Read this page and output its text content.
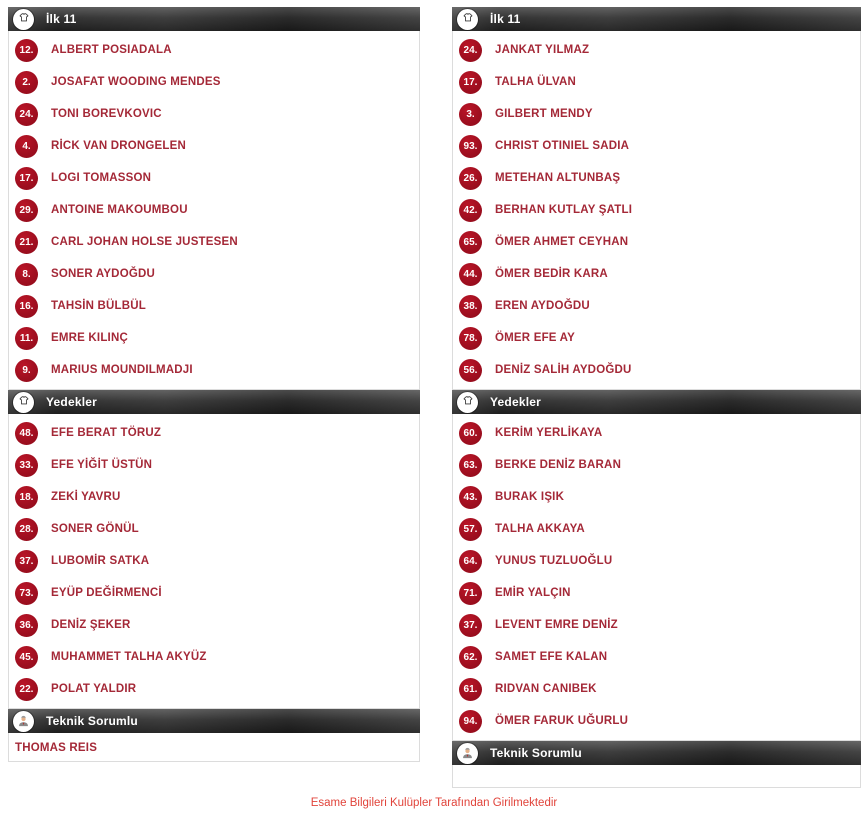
İlk 11
12.	ALBERT POSIADALA
2.	JOSAFAT WOODING MENDES
24.	TONI BOREVKOVIC
4.	RİCK VAN DRONGELEN
17.	LOGI TOMASSON
29.	ANTOINE MAKOUMBOU
21.	CARL JOHAN HOLSE JUSTESEN
8.	SONER AYDOĞDU
16.	TAHSİN BÜLBÜL
11.	EMRE KILINÇ
9.	MARIUS MOUNDILMADJI
Yedekler
48.	EFE BERAT TÖRUZ
33.	EFE YİĞİT ÜSTÜN
18.	ZEKİ YAVRU
28.	SONER GÖNÜL
37.	LUBOMİR SATKA
73.	EYÜP DEĞİRMENCİ
36.	DENİZ ŞEKER
45.	MUHAMMET TALHA AKYÜZ
22.	POLAT YALDIR
Teknik Sorumlu
THOMAS REIS
İlk 11
24.	JANKAT YILMAZ
17.	TALHA ÜLVAN
3.	GILBERT MENDY
93.	CHRIST OTINIEL SADIA
26.	METEHAN ALTUNBAŞ
42.	BERHAN KUTLAY ŞATLI
65.	ÖMER AHMET CEYHAN
44.	ÖMER BEDİR KARA
38.	EREN AYDOĞDU
78.	ÖMER EFE AY
56.	DENİZ SALİH AYDOĞDU
Yedekler
60.	KERİM YERLİKAYA
63.	BERKE DENİZ BARAN
43.	BURAK IŞIK
57.	TALHA AKKAYA
64.	YUNUS TUZLUOĞLU
71.	EMİR YALÇIN
37.	LEVENT EMRE DENİZ
62.	SAMET EFE KALAN
61.	RIDVAN CANIBEK
94.	ÖMER FARUK UĞURLU
Teknik Sorumlu
Esame Bilgileri Kulüpler Tarafından Girilmektedir
